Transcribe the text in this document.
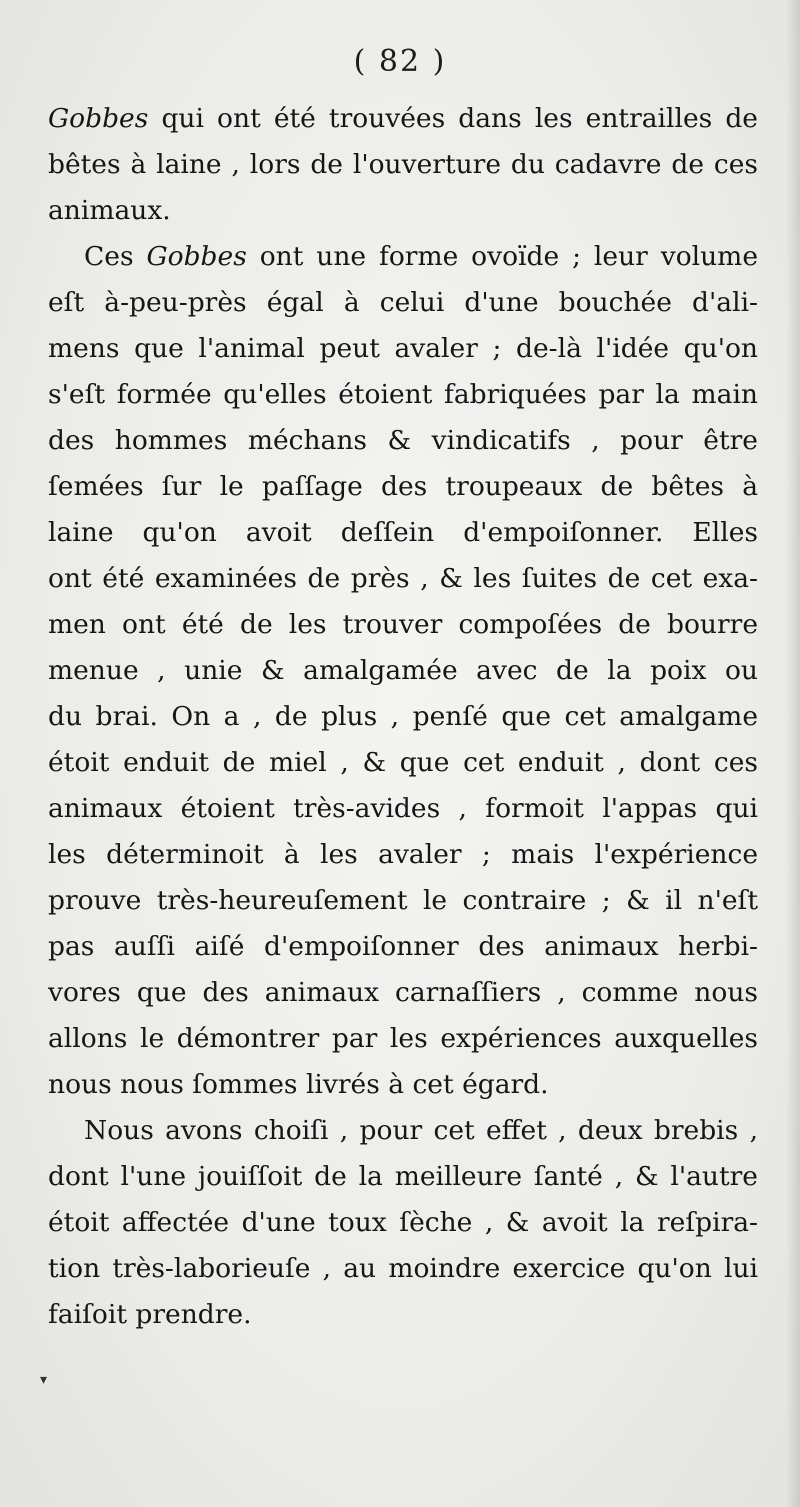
( 82 )
Gobbes qui ont été trouvées dans les entrailles de
bêtes à laine , lors de l'ouverture du cadavre de ces
animaux.
Ces Gobbes ont une forme ovoïde ; leur volume
eſt à-peu-près égal à celui d'une bouchée d'ali-
mens que l'animal peut avaler ; de-là l'idée qu'on
s'eſt formée qu'elles étoient fabriquées par la main
des hommes méchans & vindicatifs , pour être
ſemées ſur le paſſage des troupeaux de bêtes à
laine qu'on avoit deſſein d'empoiſonner. Elles
ont été examinées de près , & les ſuites de cet exa-
men ont été de les trouver compoſées de bourre
menue , unie & amalgamée avec de la poix ou
du brai. On a , de plus , penſé que cet amalgame
étoit enduit de miel , & que cet enduit , dont ces
animaux étoient très-avides , formoit l'appas qui
les déterminoit à les avaler ; mais l'expérience
prouve très-heureuſement le contraire ; & il n'eſt
pas auſſi aiſé d'empoiſonner des animaux herbi-
vores que des animaux carnaſſiers , comme nous
allons le démontrer par les expériences auxquelles
nous nous ſommes livrés à cet égard.
Nous avons choiſi , pour cet effet , deux brebis ,
dont l'une jouiſſoit de la meilleure ſanté , & l'autre
étoit affectée d'une toux ſèche , & avoit la reſpira-
tion très-laborieuſe , au moindre exercice qu'on lui
faiſoit prendre.
▾
